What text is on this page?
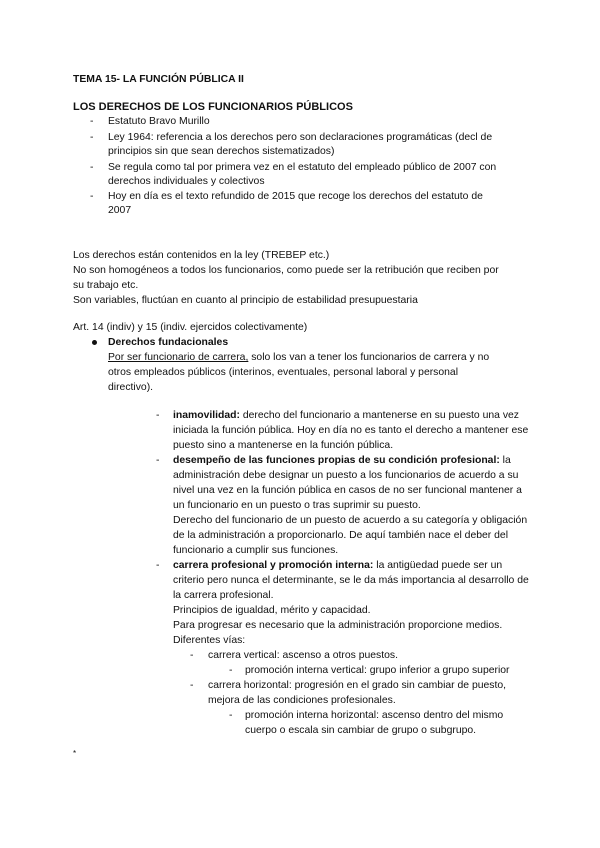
TEMA 15- LA FUNCIÓN PÚBLICA II
LOS DERECHOS DE LOS FUNCIONARIOS PÚBLICOS
- Estatuto Bravo Murillo
- Ley 1964: referencia a los derechos pero son declaraciones programáticas (decl de
principios sin que sean derechos sistematizados)
- Se regula como tal por primera vez en el estatuto del empleado público de 2007 con
derechos individuales y colectivos
- Hoy en día es el texto refundido de 2015 que recoge los derechos del estatuto de
2007
Los derechos están contenidos en la ley (TREBEP etc.)
No son homogéneos a todos los funcionarios, como puede ser la retribución que reciben por
su trabajo etc.
Son variables, fluctúan en cuanto al principio de estabilidad presupuestaria
Art. 14 (indiv) y 15 (indiv. ejercidos colectivamente)
Derechos fundacionales
Por ser funcionario de carrera, solo los van a tener los funcionarios de carrera y no
otros empleados públicos (interinos, eventuales, personal laboral y personal
directivo).
- inamovilidad: derecho del funcionario a mantenerse en su puesto una vez
iniciada la función pública. Hoy en día no es tanto el derecho a mantener ese
puesto sino a mantenerse en la función pública.
- desempeño de las funciones propias de su condición profesional: la
administración debe designar un puesto a los funcionarios de acuerdo a su
nivel una vez en la función pública en casos de no ser funcional mantener a
un funcionario en un puesto o tras suprimir su puesto.
Derecho del funcionario de un puesto de acuerdo a su categoría y obligación
de la administración a proporcionarlo. De aquí también nace el deber del
funcionario a cumplir sus funciones.
- carrera profesional y promoción interna: la antigüedad puede ser un
criterio pero nunca el determinante, se le da más importancia al desarrollo de
la carrera profesional.
Principios de igualdad, mérito y capacidad.
Para progresar es necesario que la administración proporcione medios.
Diferentes vías:
- carrera vertical: ascenso a otros puestos.
- promoción interna vertical: grupo inferior a grupo superior
- carrera horizontal: progresión en el grado sin cambiar de puesto,
mejora de las condiciones profesionales.
- promoción interna horizontal: ascenso dentro del mismo
cuerpo o escala sin cambiar de grupo o subgrupo.
*
